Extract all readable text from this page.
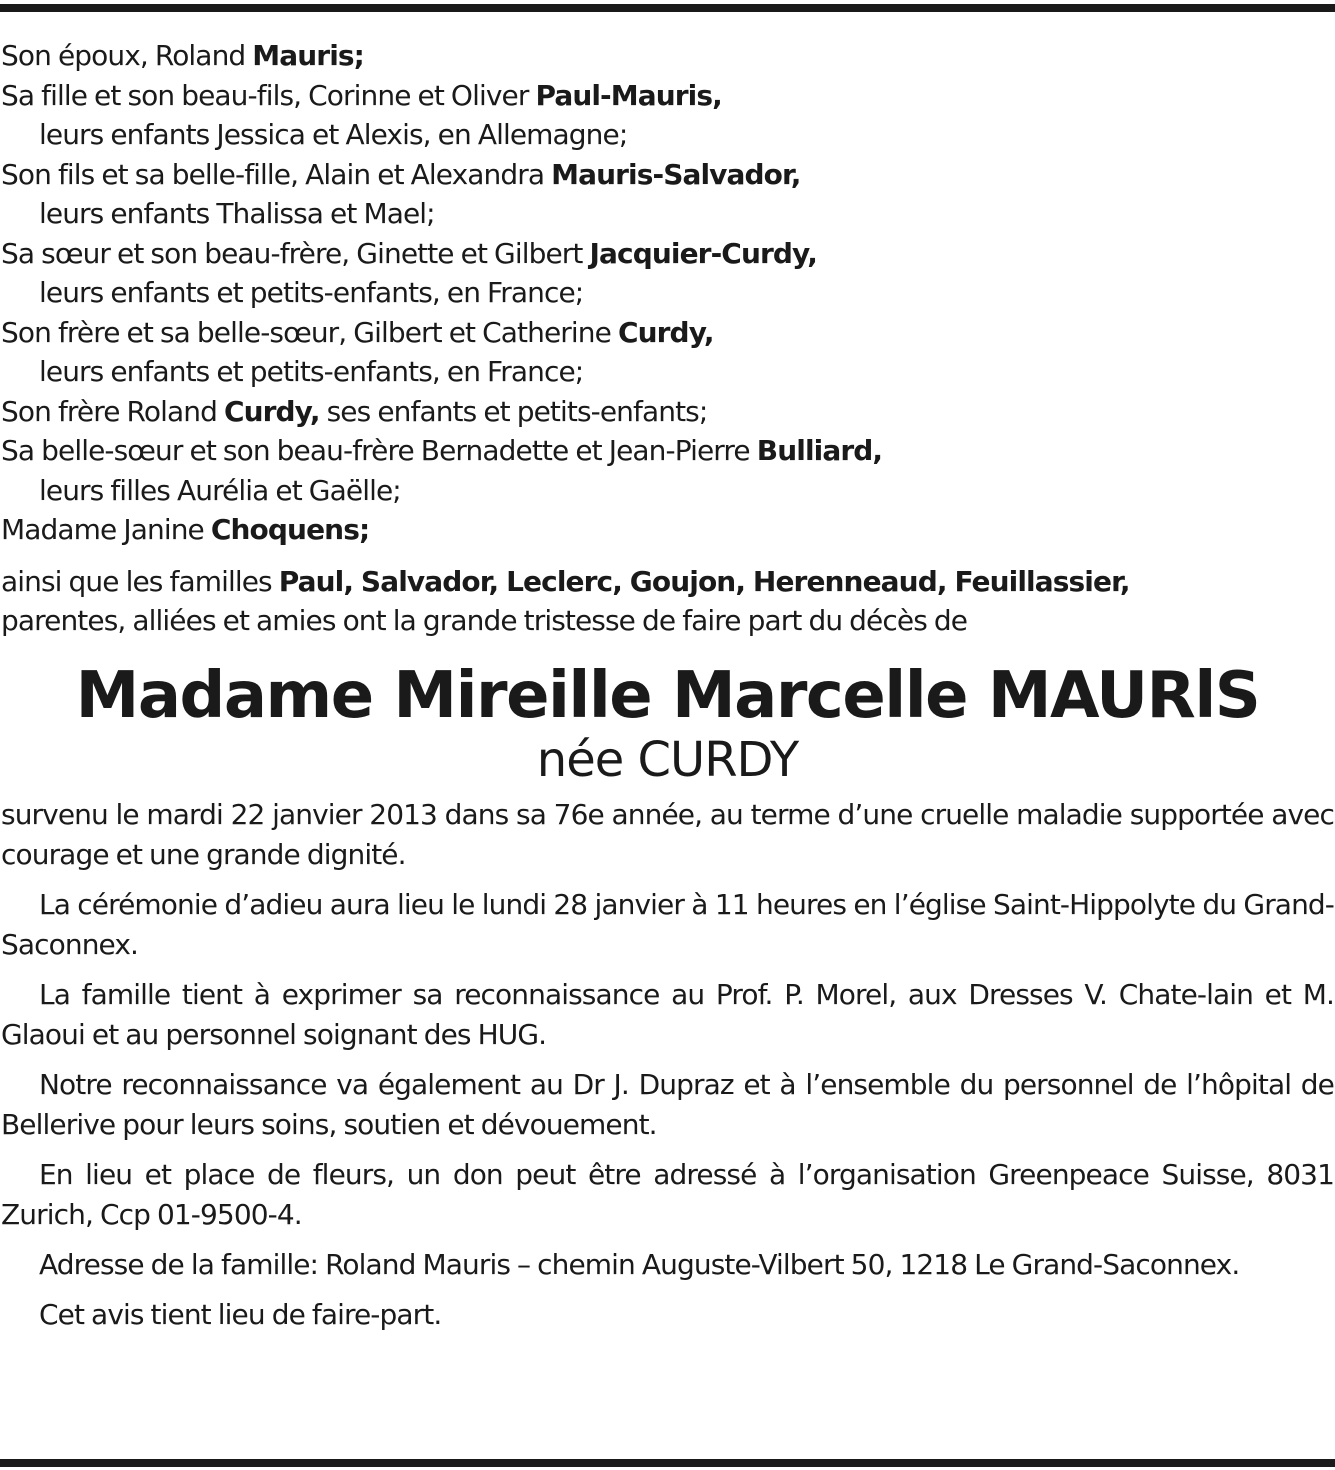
Son époux, Roland Mauris;
Sa fille et son beau-fils, Corinne et Oliver Paul-Mauris,
leurs enfants Jessica et Alexis, en Allemagne;
Son fils et sa belle-fille, Alain et Alexandra Mauris-Salvador,
leurs enfants Thalissa et Mael;
Sa sœur et son beau-frère, Ginette et Gilbert Jacquier-Curdy,
leurs enfants et petits-enfants, en France;
Son frère et sa belle-sœur, Gilbert et Catherine Curdy,
leurs enfants et petits-enfants, en France;
Son frère Roland Curdy, ses enfants et petits-enfants;
Sa belle-sœur et son beau-frère Bernadette et Jean-Pierre Bulliard,
leurs filles Aurélia et Gaëlle;
Madame Janine Choquens;
ainsi que les familles Paul, Salvador, Leclerc, Goujon, Herenneaud, Feuillassier,
parentes, alliées et amies ont la grande tristesse de faire part du décès de
Madame Mireille Marcelle MAURlS
née CURDY

survenu le mardi 22 janvier 2013 dans sa 76e année, au terme d’une cruelle maladie supportée avec courage et une grande dignité.

La cérémonie d’adieu aura lieu le lundi 28 janvier à 11 heures en l’église Saint-Hippolyte du Grand-Saconnex.

La famille tient à exprimer sa reconnaissance au Prof. P. Morel, aux Dresses V. Chate-lain et M. Glaoui et au personnel soignant des HUG.

Notre reconnaissance va également au Dr J. Dupraz et à l’ensemble du personnel de l’hôpital de Bellerive pour leurs soins, soutien et dévouement.

En lieu et place de fleurs, un don peut être adressé à l’organisation Greenpeace Suisse, 8031 Zurich, Ccp 01-9500-4.

Adresse de la famille: Roland Mauris – chemin Auguste-Vilbert 50, 1218 Le Grand-Saconnex.

Cet avis tient lieu de faire-part.
